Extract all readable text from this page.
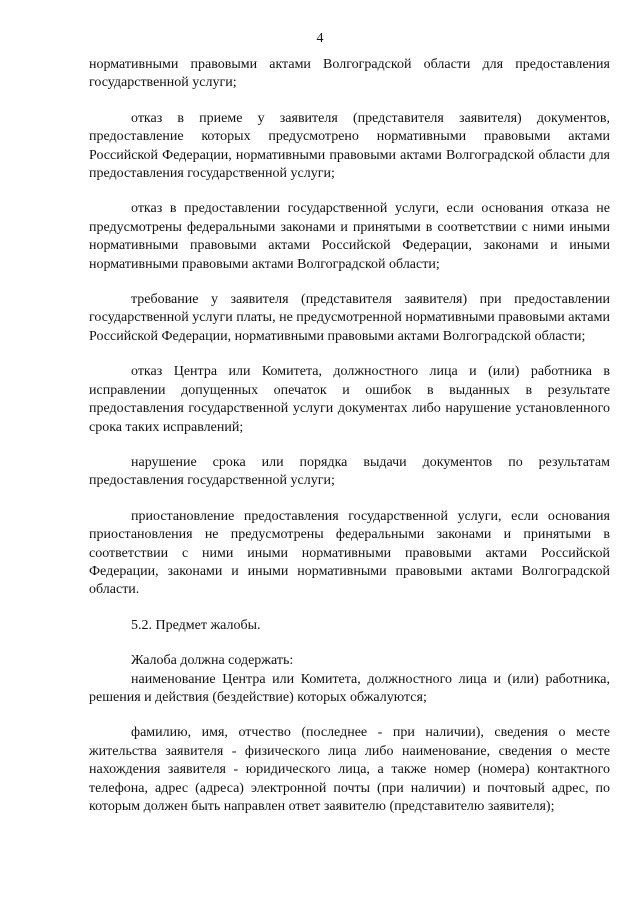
4

нормативными правовыми актами Волгоградской области для предоставления государственной услуги;

отказ в приеме у заявителя (представителя заявителя) документов, предоставление которых предусмотрено нормативными правовыми актами Российской Федерации, нормативными правовыми актами Волгоградской области для предоставления государственной услуги;

отказ в предоставлении государственной услуги, если основания отказа не предусмотрены федеральными законами и принятыми в соответствии с ними иными нормативными правовыми актами Российской Федерации, законами и иными нормативными правовыми актами Волгоградской области;

требование у заявителя (представителя заявителя) при предоставлении государственной услуги платы, не предусмотренной нормативными правовыми актами Российской Федерации, нормативными правовыми актами Волгоградской области;

отказ Центра или Комитета, должностного лица и (или) работника в исправлении допущенных опечаток и ошибок в выданных в результате предоставления государственной услуги документах либо нарушение установленного срока таких исправлений;

нарушение срока или порядка выдачи документов по результатам предоставления государственной услуги;

приостановление предоставления государственной услуги, если основания приостановления не предусмотрены федеральными законами и принятыми в соответствии с ними иными нормативными правовыми актами Российской Федерации, законами и иными нормативными правовыми актами Волгоградской области.

5.2. Предмет жалобы.

Жалоба должна содержать:

наименование Центра или Комитета, должностного лица и (или) работника, решения и действия (бездействие) которых обжалуются;

фамилию, имя, отчество (последнее - при наличии), сведения о месте жительства заявителя - физического лица либо наименование, сведения о месте нахождения заявителя - юридического лица, а также номер (номера) контактного телефона, адрес (адреса) электронной почты (при наличии) и почтовый адрес, по которым должен быть направлен ответ заявителю (представителю заявителя);
